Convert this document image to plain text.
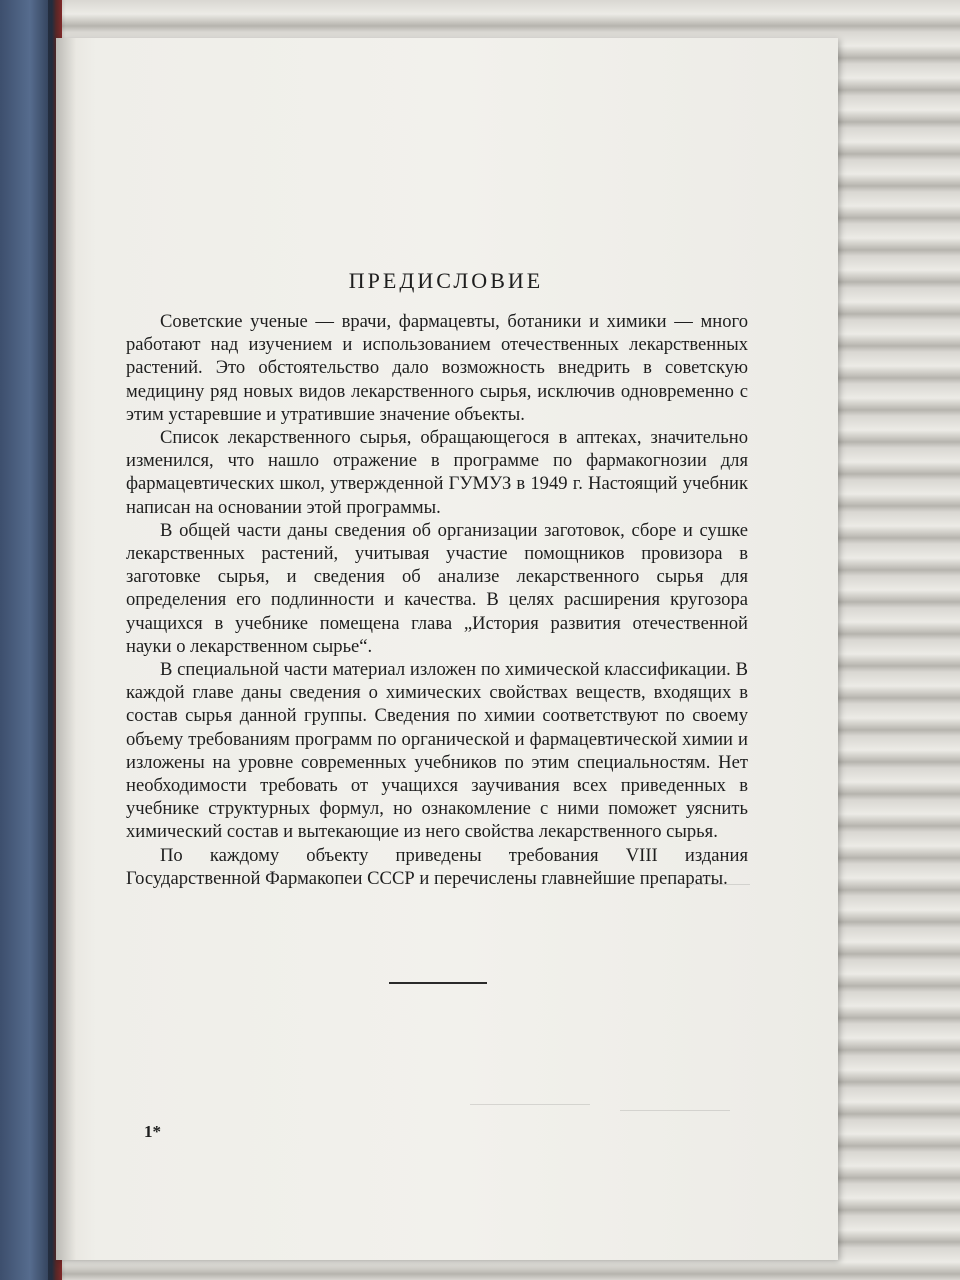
ПРЕДИСЛОВИЕ

Советские ученые — врачи, фармацевты, ботаники и химики — много работают над изучением и использованием отечественных лекарственных растений. Это обстоятельство дало возможность внедрить в советскую медицину ряд новых видов лекарственного сырья, исключив одновременно с этим устаревшие и утратившие значение объекты.

Список лекарственного сырья, обращающегося в аптеках, значительно изменился, что нашло отражение в программе по фармакогнозии для фармацевтических школ, утвержденной ГУМУЗ в 1949 г. Настоящий учебник написан на основании этой программы.

В общей части даны сведения об организации заготовок, сборе и сушке лекарственных растений, учитывая участие помощников провизора в заготовке сырья, и сведения об анализе лекарственного сырья для определения его подлинности и качества. В целях расширения кругозора учащихся в учебнике помещена глава „История развития отечественной науки о лекарственном сырье“.

В специальной части материал изложен по химической классификации. В каждой главе даны сведения о химических свойствах веществ, входящих в состав сырья данной группы. Сведения по химии соответствуют по своему объему требованиям программ по органической и фармацевтической химии и изложены на уровне современных учебников по этим специальностям. Нет необходимости требовать от учащихся заучивания всех приведенных в учебнике структурных формул, но ознакомление с ними поможет уяснить химический состав и вытекающие из него свойства лекарственного сырья.

По каждому объекту приведены требования VIII издания Государственной Фармакопеи СССР и перечислены главнейшие препараты.

1*
